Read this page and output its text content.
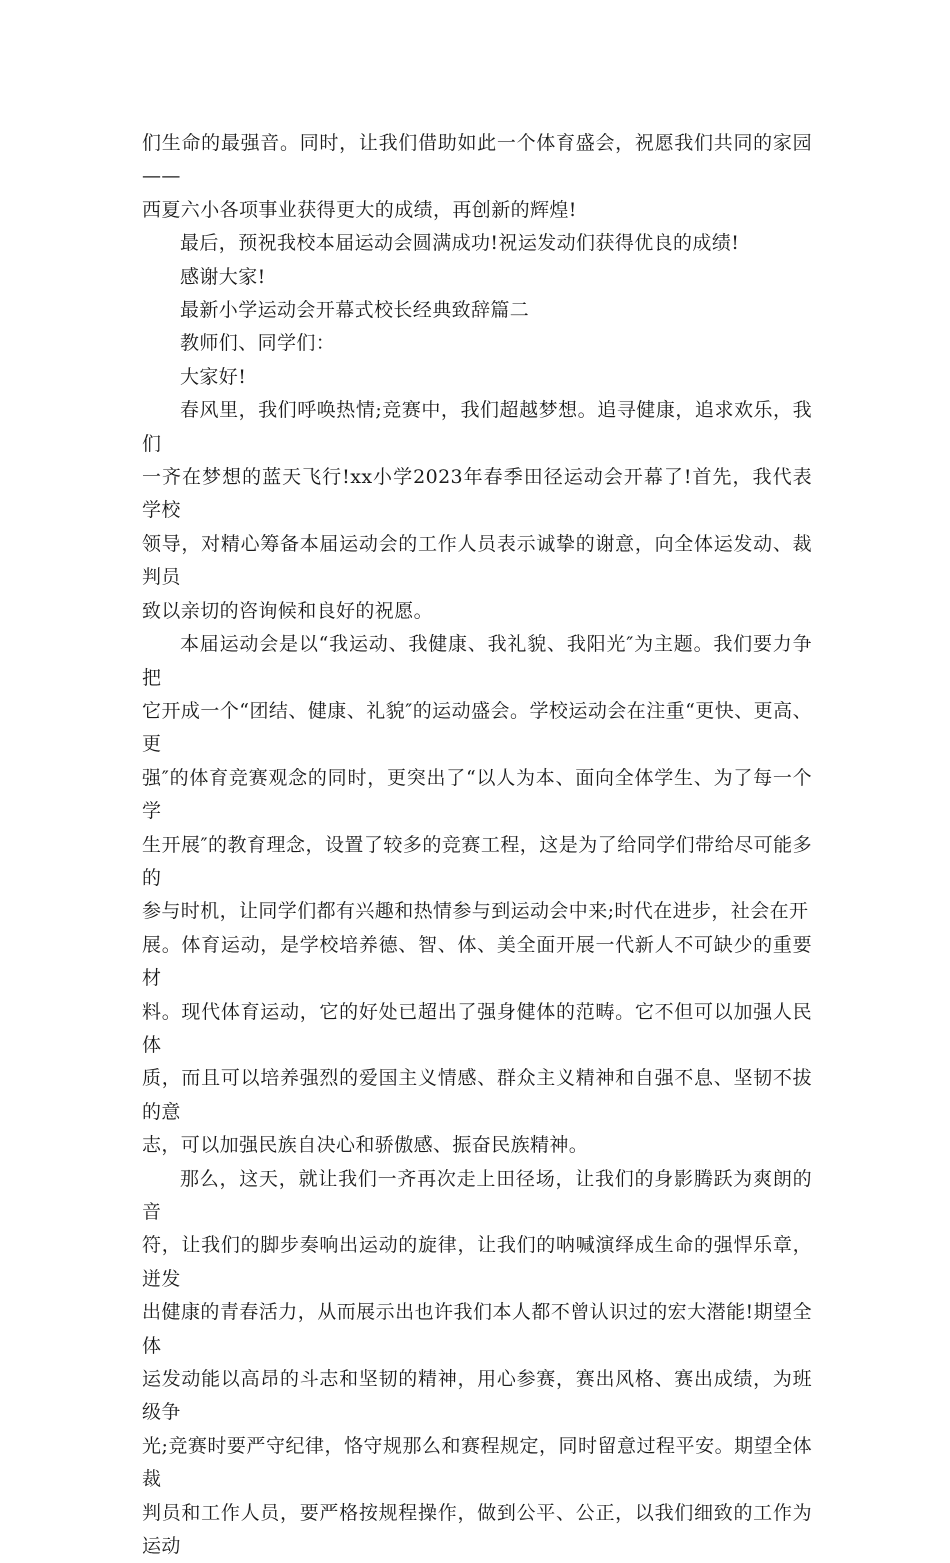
们生命的最强音。同时，让我们借助如此一个体育盛会，祝愿我们共同的家园——
西夏六小各项事业获得更大的成绩，再创新的辉煌!

最后，预祝我校本届运动会圆满成功!祝运发动们获得优良的成绩!

感谢大家!

最新小学运动会开幕式校长经典致辞篇二

教师们、同学们：

大家好!

春风里，我们呼唤热情;竞赛中，我们超越梦想。追寻健康，追求欢乐，我们
一齐在梦想的蓝天飞行!xx小学2023年春季田径运动会开幕了!首先，我代表学校
领导，对精心筹备本届运动会的工作人员表示诚挚的谢意，向全体运发动、裁判员
致以亲切的咨询候和良好的祝愿。

本届运动会是以“我运动、我健康、我礼貌、我阳光″为主题。我们要力争把
它开成一个“团结、健康、礼貌″的运动盛会。学校运动会在注重“更快、更高、更
强″的体育竞赛观念的同时，更突出了“以人为本、面向全体学生、为了每一个学
生开展″的教育理念，设置了较多的竞赛工程，这是为了给同学们带给尽可能多的
参与时机，让同学们都有兴趣和热情参与到运动会中来;时代在进步，社会在开
展。体育运动，是学校培养德、智、体、美全面开展一代新人不可缺少的重要材
料。现代体育运动，它的好处已超出了强身健体的范畴。它不但可以加强人民体
质，而且可以培养强烈的爱国主义情感、群众主义精神和自强不息、坚韧不拔的意
志，可以加强民族自决心和骄傲感、振奋民族精神。

那么，这天，就让我们一齐再次走上田径场，让我们的身影腾跃为爽朗的音
符，让我们的脚步奏响出运动的旋律，让我们的呐喊演绎成生命的强悍乐章，迸发
出健康的青春活力，从而展示出也许我们本人都不曾认识过的宏大潜能!期望全体
运发动能以高昂的斗志和坚韧的精神，用心参赛，赛出风格、赛出成绩，为班级争
光;竞赛时要严守纪律，恪守规那么和赛程规定，同时留意过程平安。期望全体裁
判员和工作人员，要严格按规程操作，做到公平、公正，以我们细致的工作为运动
